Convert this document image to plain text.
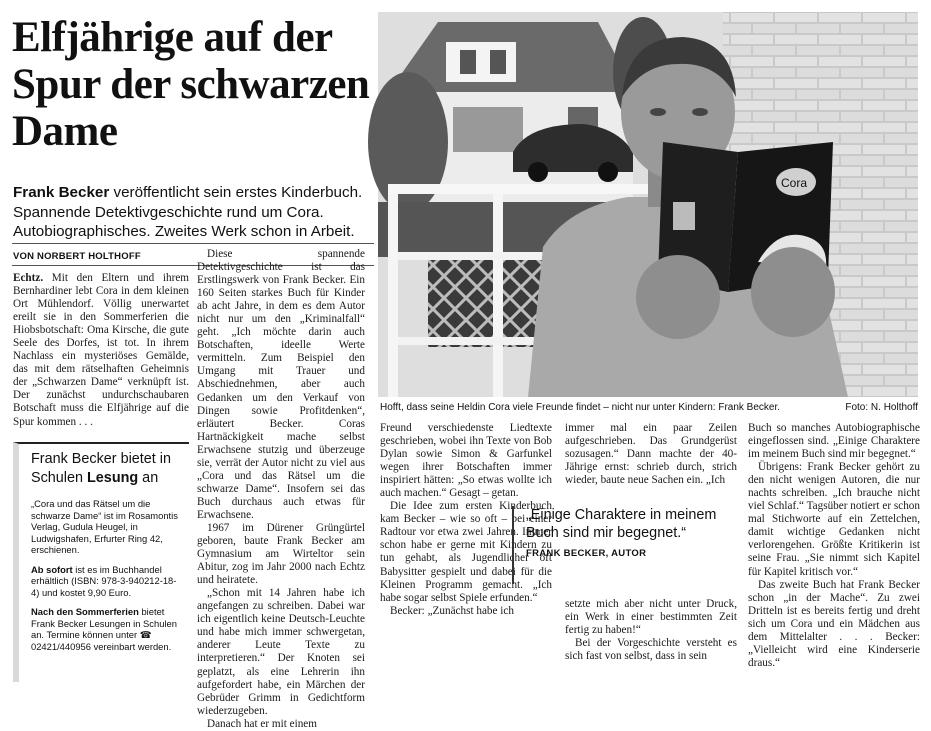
Elfjährige auf der Spur der schwarzen Dame
Frank Becker veröffentlicht sein erstes Kinderbuch. Spannende Detektivgeschichte rund um Cora. Autobiographisches. Zweites Werk schon in Arbeit.
VON NORBERT HOLTHOFF

Echtz. Mit den Eltern und ihrem Bernhardiner lebt Cora in dem kleinen Ort Mühlendorf. Völlig unerwartet ereilt sie in den Sommerferien die Hiobsbotschaft: Oma Kirsche, die gute Seele des Dorfes, ist tot. In ihrem Nachlass ein mysteriöses Gemälde, das mit dem rätselhaften Geheimnis der „Schwarzen Dame“ verknüpft ist. Der zunächst undurchschaubaren Botschaft muss die Elfjährige auf die Spur kommen . . .

Frank Becker bietet in Schulen Lesung an
„Cora und das Rätsel um die schwarze Dame“ ist im Rosamontis Verlag, Gudula Heugel, in Ludwigshafen, Erfurter Ring 42, erschienen.
Ab sofort ist es im Buchhandel erhältlich (ISBN: 978-3-940212-18-4) und kostet 9,90 Euro.
Nach den Sommerferien bietet Frank Becker Lesungen in Schulen an. Termine können unter ☎ 02421/440956 vereinbart werden.

Diese spannende Detektivgeschichte ist das Erstlingswerk von Frank Becker. Ein 160 Seiten starkes Buch für Kinder ab acht Jahre, in dem es dem Autor nicht nur um den „Kriminalfall“ geht. „Ich möchte darin auch Botschaften, ideelle Werte vermitteln. Zum Beispiel den Umgang mit Trauer und Abschiednehmen, aber auch Gedanken um den Verkauf von Dingen sowie Profitdenken“, erläutert Becker. Coras Hartnäckigkeit mache selbst Erwachsene stutzig und überzeuge sie, verrät der Autor nicht zu viel aus „Cora und das Rätsel um die schwarze Dame“. Insofern sei das Buch durchaus auch etwas für Erwachsene.

1967 im Dürener Grüngürtel geboren, baute Frank Becker am Gymnasium am Wirteltor sein Abitur, zog im Jahr 2000 nach Echtz und heiratete.

„Schon mit 14 Jahren habe ich angefangen zu schreiben. Dabei war ich eigentlich keine Deutsch-Leuchte und habe mich immer schwergetan, anderer Leute Texte zu interpretieren.“ Der Knoten sei geplatzt, als eine Lehrerin ihn aufgefordert habe, ein Märchen der Gebrüder Grimm in Gedichtform wiederzugeben.

Danach hat er mit einem

Cora
Hofft, dass seine Heldin Cora viele Freunde findet – nicht nur unter Kindern: Frank Becker.	Foto: N. Holthoff

Freund verschiedenste Liedtexte geschrieben, wobei ihn Texte von Bob Dylan sowie Simon & Garfunkel wegen ihrer Botschaften immer inspiriert hätten: „So etwas wollte ich auch machen.“ Gesagt – getan.

Die Idee zum ersten Kinderbuch kam Becker – wie so oft – bei einer Radtour vor etwa zwei Jahren. Immer schon habe er gerne mit Kindern zu tun gehabt, als Jugendlicher oft Babysitter gespielt und dabei für die Kleinen Programm gemacht. „Ich habe sogar selbst Spiele erfunden.“

Becker: „Zunächst habe ich

immer mal ein paar Zeilen aufgeschrieben. Das Grundgerüst sozusagen.“ Dann machte der 40-Jährige ernst: schrieb durch, strich wieder, baute neue Sachen ein. „Ich

„Einige Charaktere in meinem Buch sind mir begegnet.“
FRANK BECKER, AUTOR

setzte mich aber nicht unter Druck, ein Werk in einer bestimmten Zeit fertig zu haben!“

Bei der Vorgeschichte versteht es sich fast von selbst, dass in sein

Buch so manches Autobiographische eingeflossen sind. „Einige Charaktere im meinem Buch sind mir begegnet.“

Übrigens: Frank Becker gehört zu den nicht wenigen Autoren, die nur nachts schreiben. „Ich brauche nicht viel Schlaf.“ Tagsüber notiert er schon mal Stichworte auf ein Zettelchen, damit wichtige Gedanken nicht verlorengehen. Größte Kritikerin ist seine Frau. „Sie nimmt sich Kapitel für Kapitel kritisch vor.“

Das zweite Buch hat Frank Becker schon „in der Mache“. Zu zwei Dritteln ist es bereits fertig und dreht sich um Cora und ein Mädchen aus dem Mittelalter . . . Becker: „Vielleicht wird eine Kinderserie draus.“
